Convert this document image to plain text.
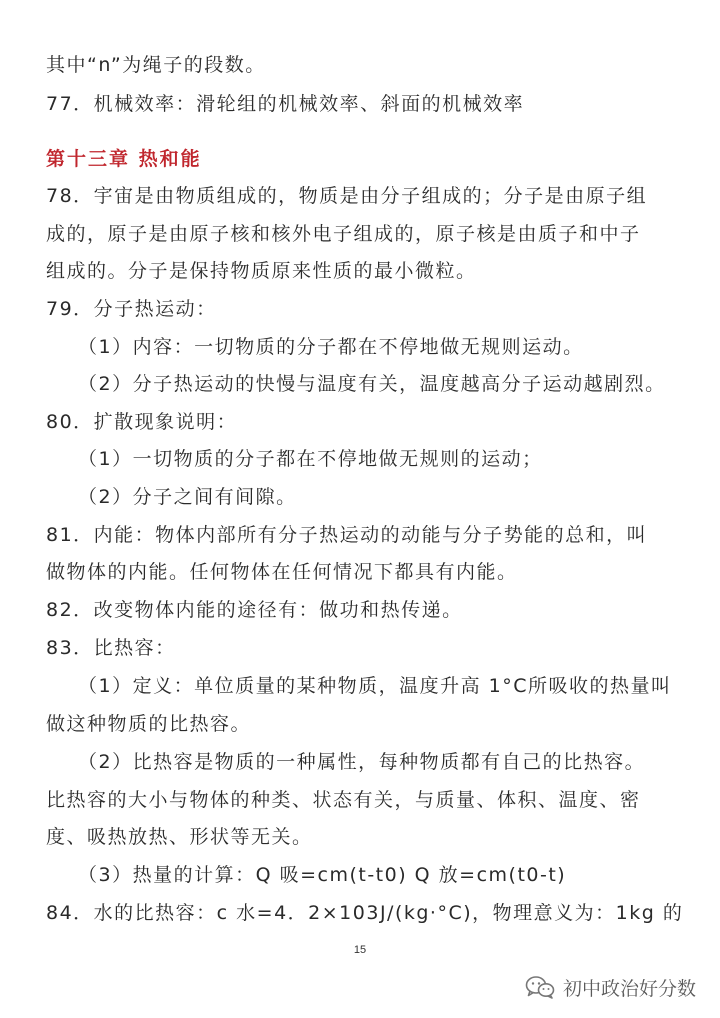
其中“n”为绳子的段数。
77．机械效率：滑轮组的机械效率、斜面的机械效率
第十三章 热和能
78．宇宙是由物质组成的，物质是由分子组成的；分子是由原子组
成的，原子是由原子核和核外电子组成的，原子核是由质子和中子
组成的。分子是保持物质原来性质的最小微粒。
79．分子热运动：
（1）内容：一切物质的分子都在不停地做无规则运动。
（2）分子热运动的快慢与温度有关，温度越高分子运动越剧烈。
80．扩散现象说明：
（1）一切物质的分子都在不停地做无规则的运动；
（2）分子之间有间隙。
81．内能：物体内部所有分子热运动的动能与分子势能的总和，叫
做物体的内能。任何物体在任何情况下都具有内能。
82．改变物体内能的途径有：做功和热传递。
83．比热容：
（1）定义：单位质量的某种物质，温度升高 1°C所吸收的热量叫
做这种物质的比热容。
（2）比热容是物质的一种属性，每种物质都有自己的比热容。
比热容的大小与物体的种类、状态有关，与质量、体积、温度、密
度、吸热放热、形状等无关。
（3）热量的计算：Q 吸=cm(t-t0) Q 放=cm(t0-t)
84．水的比热容：c 水=4．2×103J/(kg·°C)，物理意义为：1kg 的
15
初中政治好分数
